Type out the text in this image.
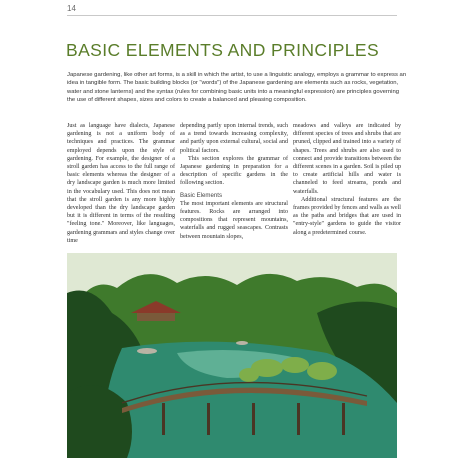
14
BASIC ELEMENTS AND PRINCIPLES
Japanese gardening, like other art forms, is a skill in which the artist, to use a linguistic analogy, employs a grammar to express an idea in tangible form. The basic building blocks (or "words") of the Japanese gardening are elements such as rocks, vegetation, water and stone lanterns) and the syntax (rules for combining basic units into a meaningful expression) are principles governing the use of different shapes, sizes and colors to create a balanced and pleasing composition.

Just as language have dialects, Japanese gardening is not a uniform body of techniques and practices. The grammar employed depends upon the style of gardening. For example, the designer of a stroll garden has access to the full range of basic elements whereas the designer of a dry landscape garden is much more limited in the vocabulary used. This does not mean that the stroll garden is any more highly developed than the dry landscape garden but it is different in terms of the resulting "feeling tone." Moreover, like languages, gardening grammars and styles change over time

depending partly upon internal trends, such as a trend towards increasing complexity, and partly upon external cultural, social and political factors.

This section explores the grammar of Japanese gardening in preparation for a description of specific gardens in the following section.

Basic Elements

The most important elements are structural features. Rocks are arranged into compositions that represent mountains, waterfalls and rugged seascapes. Contrasts between mountain slopes,

meadows and valleys are indicated by different species of trees and shrubs that are pruned, clipped and trained into a variety of shapes. Trees and shrubs are also used to connect and provide transitions between the different scenes in a garden. Soil is piled up to create artificial hills and water is channeled to feed streams, ponds and waterfalls.

Additional structural features are the frames provided by fences and walls as well as the paths and bridges that are used in "entry-style" gardens to guide the visitor along a predetermined course.
